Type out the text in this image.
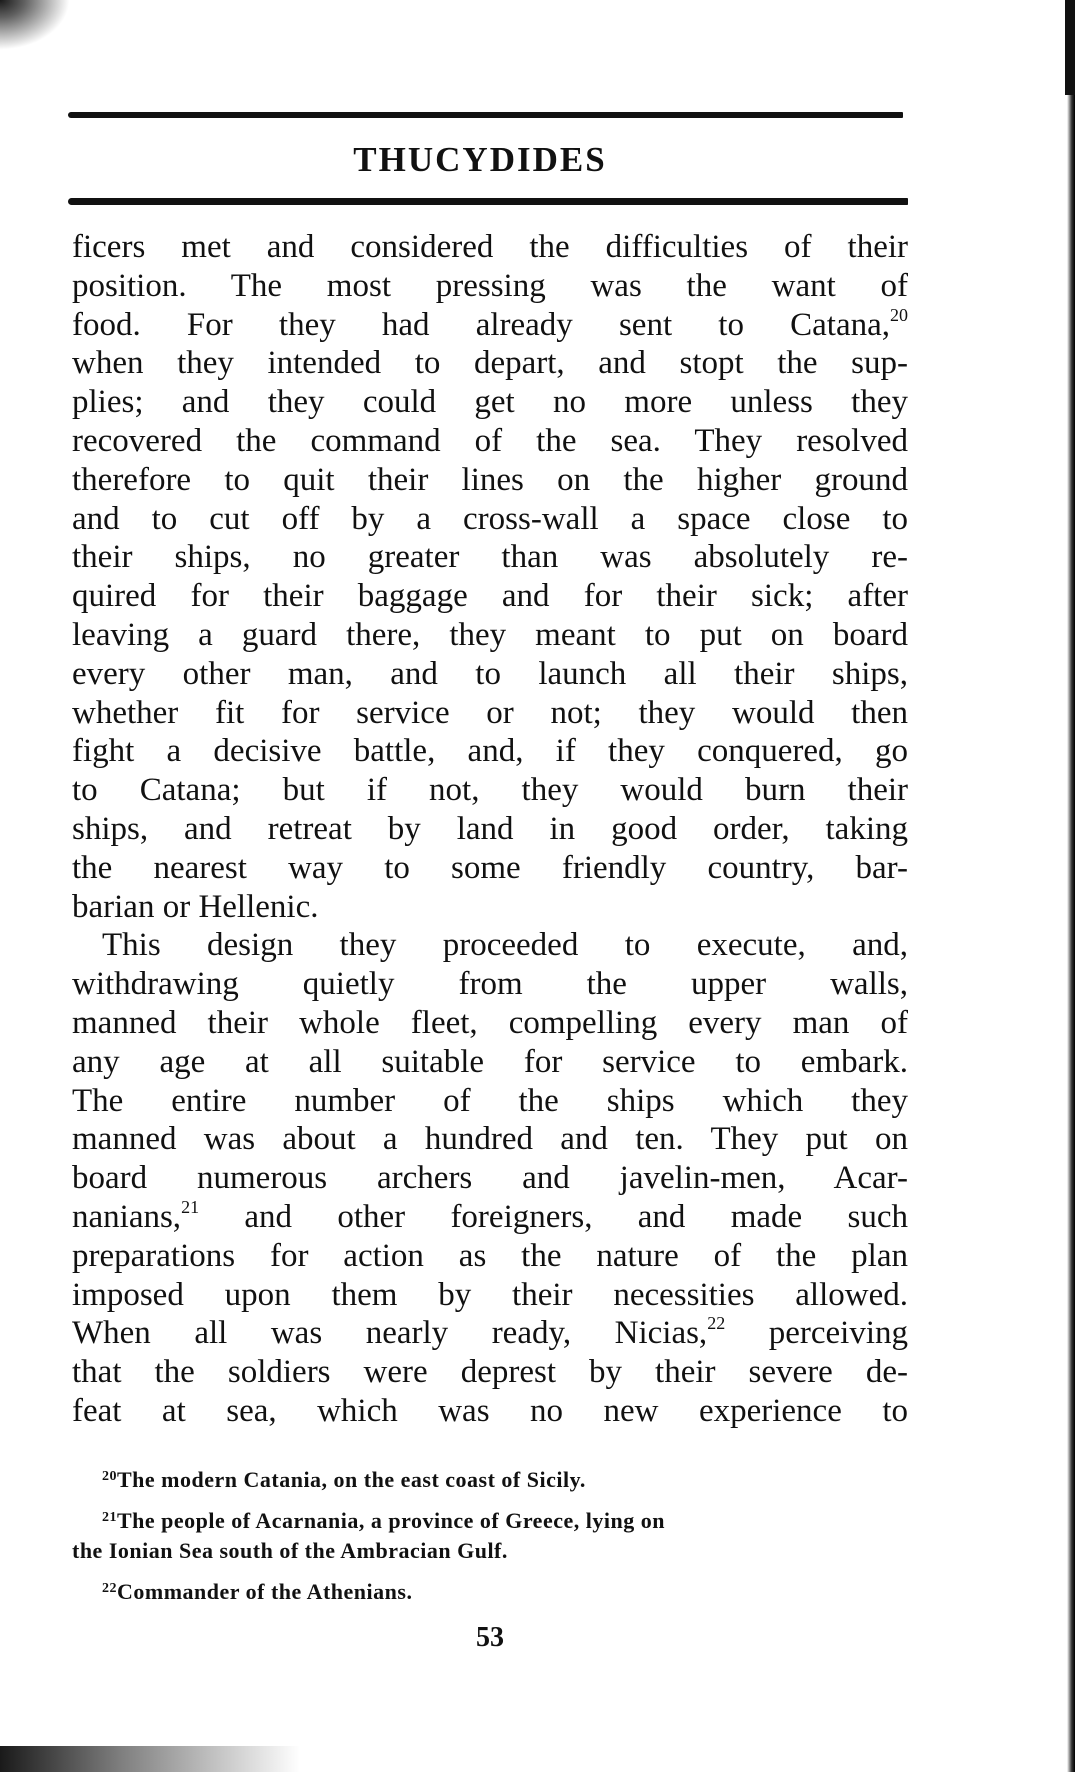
THUCYDIDES
ficers met and considered the difficulties of their
position. The most pressing was the want of
food. For they had already sent to Catana,$^{20}$
when they intended to depart, and stopt the sup-
plies; and they could get no more unless they
recovered the command of the sea. They resolved
therefore to quit their lines on the higher ground
and to cut off by a cross-wall a space close to
their ships, no greater than was absolutely re-
quired for their baggage and for their sick; after
leaving a guard there, they meant to put on board
every other man, and to launch all their ships,
whether fit for service or not; they would then
fight a decisive battle, and, if they conquered, go
to Catana; but if not, they would burn their
ships, and retreat by land in good order, taking
the nearest way to some friendly country, bar-
barian or Hellenic.
This design they proceeded to execute, and,
withdrawing quietly from the upper walls,
manned their whole fleet, compelling every man of
any age at all suitable for service to embark.
The entire number of the ships which they
manned was about a hundred and ten. They put on
board numerous archers and javelin-men, Acar-
nanians,$^{21}$ and other foreigners, and made such
preparations for action as the nature of the plan
imposed upon them by their necessities allowed.
When all was nearly ready, Nicias,$^{22}$ perceiving
that the soldiers were deprest by their severe de-
feat at sea, which was no new experience to
$^{20}$The modern Catania, on the east coast of Sicily.
$^{21}$The people of Acarnania, a province of Greece, lying on
the Ionian Sea south of the Ambracian Gulf.
$^{22}$Commander of the Athenians.
53
